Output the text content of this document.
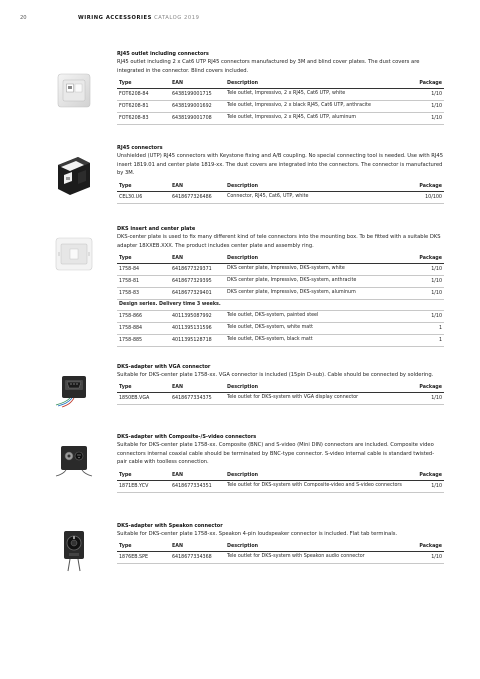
20	WIRING ACCESSORIES CATALOG 2019
RJ45 outlet including connectors
RJ45 outlet including 2 x Cat6 UTP RJ45 connectors manufactured by 3M and blind cover plates. The dust covers are integrated in the connector. Blind covers included.
Type	EAN	Description	Package
FOT6208-84	6438199001715	Tele outlet, Impressivo, 2 x RJ45, Cat6 UTP, white	1/10
FOT6208-81	6438199001692	Tele outlet, Impressivo, 2 x black RJ45, Cat6 UTP, anthracite	1/10
FOT6208-83	6438199001708	Tele outlet, Impressivo, 2 x RJ45, Cat6 UTP, aluminum	1/10
RJ45 connectors
Unshielded (UTP) RJ45 connectors with Keystone fixing and A/B coupling. No special connecting tool is needed. Use with RJ45 insert 1819.01 and center plate 1819-xx. The dust covers are integrated into the connectors. The connector is manufactured by 3M.
Type	EAN	Description	Package
CEL30.U6	6418677326486	Connector, RJ45, Cat6, UTP, white	10/100
DKS insert and center plate
DKS-center plate is used to fix many different kind of tele connectors into the mounting box. To be fitted with a suitable DKS adapter 18XXEB.XXX. The product includes center plate and assembly ring.
Type	EAN	Description	Package
1758-84	6418677329371	DKS center plate, Impressivo, DKS-system, white	1/10
1758-81	6418677329395	DKS center plate, Impressivo, DKS-system, anthracite	1/10
1758-83	6418677329401	DKS center plate, Impressivo, DKS-system, aluminum	1/10
Design series. Delivery time 3 weeks.			
1758-866	4011395087992	Tele outlet, DKS-system, painted steel	1/10
1758-884	4011395131596	Tele outlet, DKS-system, white matt	1
1758-885	4011395128718	Tele outlet, DKS-system, black matt	1
DKS-adapter with VGA connector
Suitable for DKS-center plate 1758-xx. VGA connector is included (15pin D-sub). Cable should be connected by soldering.
Type	EAN	Description	Package
1850EB.VGA	6418677334375	Tele outlet for DKS-system with VGA display connector	1/10
DKS-adapter with Composite-/S-video connectors
Suitable for DKS-center plate 1758-xx. Composite (BNC) and S-video (Mini DIN) connectors are included. Composite video connectors internal coaxial cable should be terminated by BNC-type connector. S-video internal cable is standard twisted-pair cable with toolless connection.
Type	EAN	Description	Package
1871EB.YCV	6418677334351	Tele outlet for DKS-system with Composite-video and S-video connectors	1/10
DKS-adapter with Speakon connector
Suitable for DKS-center plate 1758-xx. Speakon 4-pin loudspeaker connector is included. Flat tab terminals.
Type	EAN	Description	Package
1876EB.SPE	6418677334368	Tele outlet for DKS-system with Speakon audio connector	1/10
